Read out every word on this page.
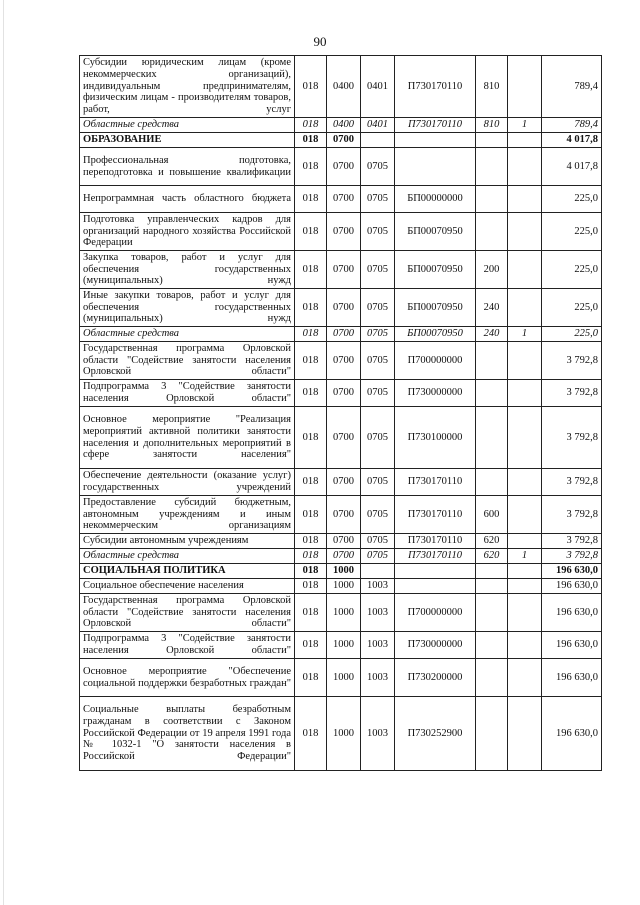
90
Субсидии юридическим лицам (кроме некоммерческих организаций), индивидуальным предпринимателям, физическим лицам - производителям товаров, работ, услуг	018	0400	0401	П730170110	810		789,4
Областные средства	018	0400	0401	П730170110	810	1	789,4
ОБРАЗОВАНИЕ	018	0700					4 017,8
Профессиональная подготовка, переподготовка и повышение квалификации	018	0700	0705				4 017,8
Непрограммная часть областного бюджета	018	0700	0705	БП00000000			225,0
Подготовка управленческих кадров для организаций народного хозяйства Российской Федерации	018	0700	0705	БП00070950			225,0
Закупка товаров, работ и услуг для обеспечения государственных (муниципальных) нужд	018	0700	0705	БП00070950	200		225,0
Иные закупки товаров, работ и услуг для обеспечения государственных (муниципальных) нужд	018	0700	0705	БП00070950	240		225,0
Областные средства	018	0700	0705	БП00070950	240	1	225,0
Государственная программа Орловской области "Содействие занятости населения Орловской области"	018	0700	0705	П700000000			3 792,8
Подпрограмма 3 "Содействие занятости населения Орловской области"	018	0700	0705	П730000000			3 792,8
Основное мероприятие "Реализация мероприятий активной политики занятости населения и дополнительных мероприятий в сфере занятости населения"	018	0700	0705	П730100000			3 792,8
Обеспечение деятельности (оказание услуг) государственных учреждений	018	0700	0705	П730170110			3 792,8
Предоставление субсидий бюджетным, автономным учреждениям и иным некоммерческим организациям	018	0700	0705	П730170110	600		3 792,8
Субсидии автономным учреждениям	018	0700	0705	П730170110	620		3 792,8
Областные средства	018	0700	0705	П730170110	620	1	3 792,8
СОЦИАЛЬНАЯ ПОЛИТИКА	018	1000					196 630,0
Социальное обеспечение населения	018	1000	1003				196 630,0
Государственная программа Орловской области "Содействие занятости населения Орловской области"	018	1000	1003	П700000000			196 630,0
Подпрограмма 3 "Содействие занятости населения Орловской области"	018	1000	1003	П730000000			196 630,0
Основное мероприятие "Обеспечение социальной поддержки безработных граждан"	018	1000	1003	П730200000			196 630,0
Социальные выплаты безработным гражданам в соответствии с Законом Российской Федерации от 19 апреля 1991 года № 1032-1 "О занятости населения в Российской Федерации"	018	1000	1003	П730252900			196 630,0
